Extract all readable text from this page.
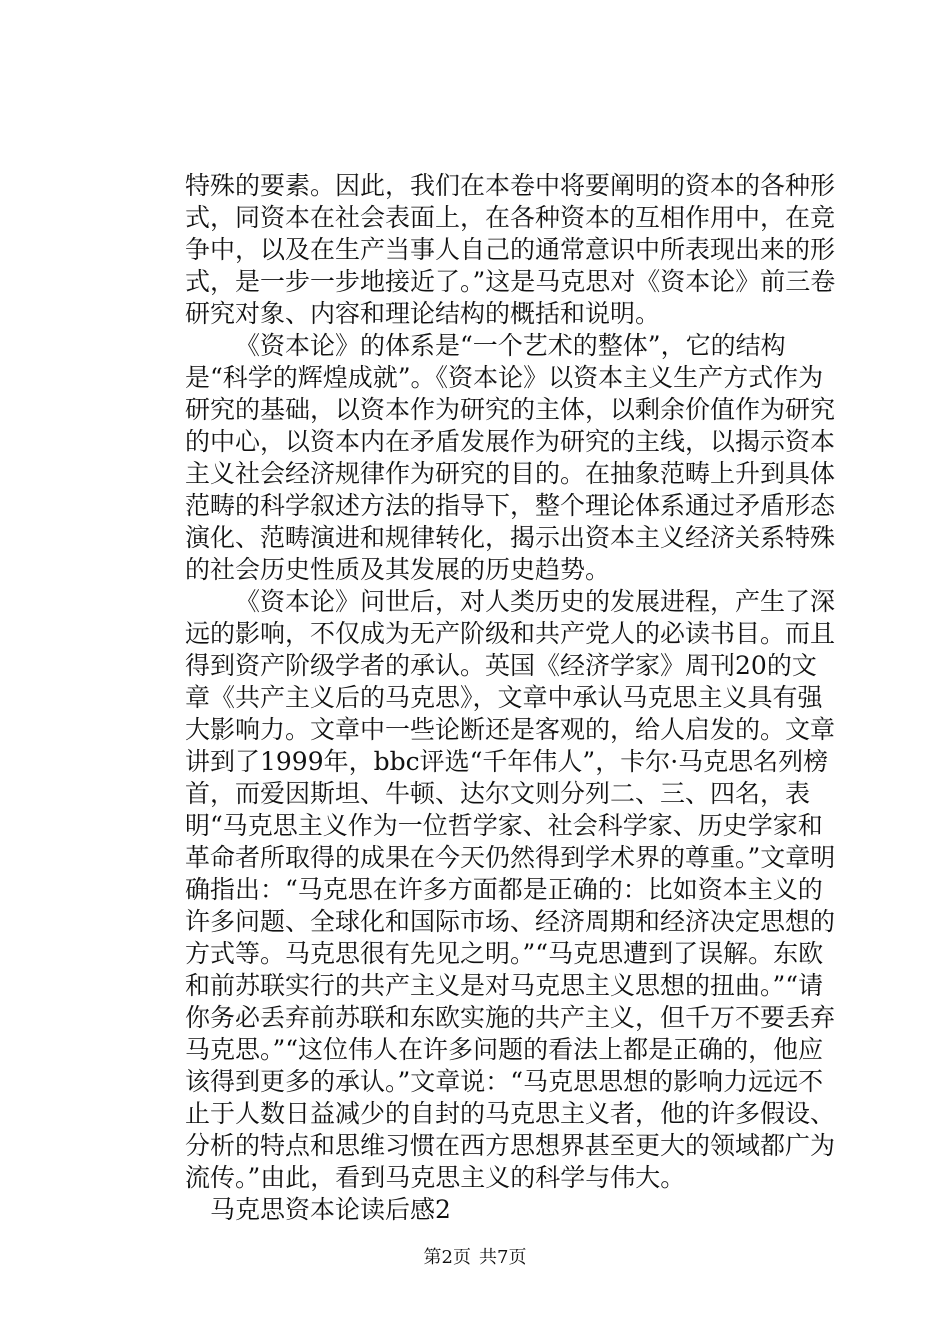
特殊的要素。因此，我们在本卷中将要阐明的资本的各种形式，同资本在社会表面上，在各种资本的互相作用中，在竞争中，以及在生产当事人自己的通常意识中所表现出来的形式，是一步一步地接近了。”这是马克思对《资本论》前三卷研究对象、内容和理论结构的概括和说明。

《资本论》的体系是“一个艺术的整体”，它的结构是“科学的辉煌成就”。《资本论》以资本主义生产方式作为研究的基础，以资本作为研究的主体，以剩余价值作为研究的中心，以资本内在矛盾发展作为研究的主线，以揭示资本主义社会经济规律作为研究的目的。在抽象范畴上升到具体范畴的科学叙述方法的指导下，整个理论体系通过矛盾形态演化、范畴演进和规律转化，揭示出资本主义经济关系特殊的社会历史性质及其发展的历史趋势。

《资本论》问世后，对人类历史的发展进程，产生了深远的影响，不仅成为无产阶级和共产党人的必读书目。而且得到资产阶级学者的承认。英国《经济学家》周刊20的文章《共产主义后的马克思》，文章中承认马克思主义具有强大影响力。文章中一些论断还是客观的，给人启发的。文章讲到了1999年，bbc评选“千年伟人”，卡尔·马克思名列榜首，而爱因斯坦、牛顿、达尔文则分列二、三、四名，表明“马克思主义作为一位哲学家、社会科学家、历史学家和革命者所取得的成果在今天仍然得到学术界的尊重。”文章明确指出：“马克思在许多方面都是正确的：比如资本主义的许多问题、全球化和国际市场、经济周期和经济决定思想的方式等。马克思很有先见之明。”“马克思遭到了误解。东欧和前苏联实行的共产主义是对马克思主义思想的扭曲。”“请你务必丢弃前苏联和东欧实施的共产主义，但千万不要丢弃马克思。”“这位伟人在许多问题的看法上都是正确的，他应该得到更多的承认。”文章说：“马克思思想的影响力远远不止于人数日益减少的自封的马克思主义者，他的许多假设、分析的特点和思维习惯在西方思想界甚至更大的领域都广为流传。”由此，看到马克思主义的科学与伟大。

马克思资本论读后感2

第2页 共7页
